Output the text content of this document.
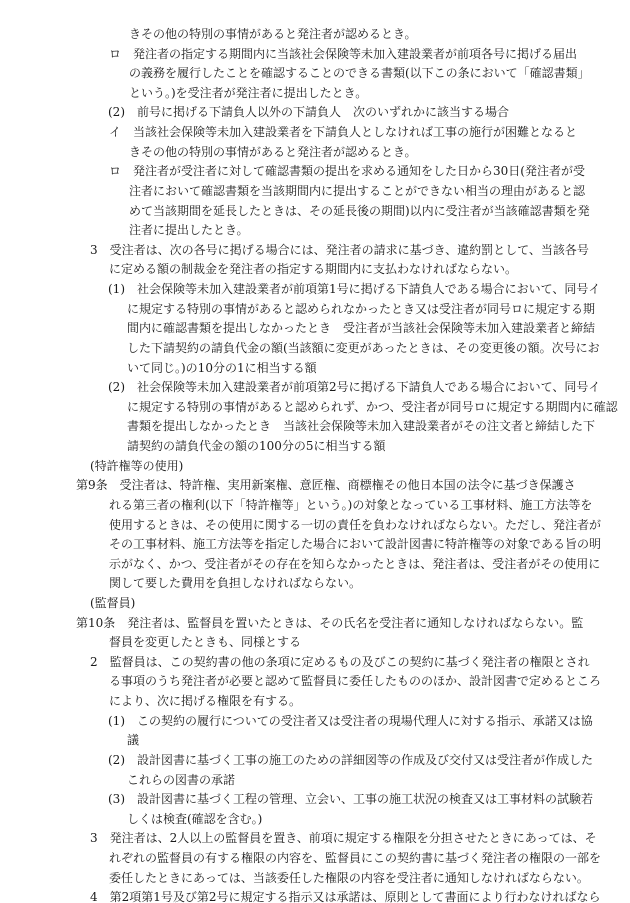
きその他の特別の事情があると発注者が認めるとき。
ロ　発注者の指定する期間内に当該社会保険等未加入建設業者が前項各号に掲げる届出
の義務を履行したことを確認することのできる書類(以下この条において「確認書類」
という。)を受注者が発注者に提出したとき。
(2)　前号に掲げる下請負人以外の下請負人　次のいずれかに該当する場合
イ　当該社会保険等未加入建設業者を下請負人としなければ工事の施行が困難となると
きその他の特別の事情があると発注者が認めるとき。
ロ　発注者が受注者に対して確認書類の提出を求める通知をした日から30日(発注者が受
注者において確認書類を当該期間内に提出することができない相当の理由があると認
めて当該期間を延長したときは、その延長後の期間)以内に受注者が当該確認書類を発
注者に提出したとき。
3　受注者は、次の各号に掲げる場合には、発注者の請求に基づき、違約罰として、当該各号
に定める額の制裁金を発注者の指定する期間内に支払わなければならない。
(1)　社会保険等未加入建設業者が前項第1号に掲げる下請負人である場合において、同号イ
に規定する特別の事情があると認められなかったとき又は受注者が同号ロに規定する期
間内に確認書類を提出しなかったとき　受注者が当該社会保険等未加入建設業者と締結
した下請契約の請負代金の額(当該額に変更があったときは、その変更後の額。次号にお
いて同じ。)の10分の1に相当する額
(2)　社会保険等未加入建設業者が前項第2号に掲げる下請負人である場合において、同号イ
に規定する特別の事情があると認められず、かつ、受注者が同号ロに規定する期間内に確認
書類を提出しなかったとき　当該社会保険等未加入建設業者がその注文者と締結した下
請契約の請負代金の額の100分の5に相当する額
(特許権等の使用)
第9条　受注者は、特許権、実用新案権、意匠権、商標権その他日本国の法令に基づき保護さ
れる第三者の権利(以下「特許権等」という。)の対象となっている工事材料、施工方法等を
使用するときは、その使用に関する一切の責任を負わなければならない。ただし、発注者が
その工事材料、施工方法等を指定した場合において設計図書に特許権等の対象である旨の明
示がなく、かつ、受注者がその存在を知らなかったときは、発注者は、受注者がその使用に
関して要した費用を負担しなければならない。
(監督員)
第10条　発注者は、監督員を置いたときは、その氏名を受注者に通知しなければならない。監
督員を変更したときも、同様とする
2　監督員は、この契約書の他の条項に定めるもの及びこの契約に基づく発注者の権限とされ
る事項のうち発注者が必要と認めて監督員に委任したもののほか、設計図書で定めるところ
により、次に掲げる権限を有する。
(1)　この契約の履行についての受注者又は受注者の現場代理人に対する指示、承諾又は協
議
(2)　設計図書に基づく工事の施工のための詳細図等の作成及び交付又は受注者が作成した
これらの図書の承諾
(3)　設計図書に基づく工程の管理、立会い、工事の施工状況の検査又は工事材料の試験若
しくは検査(確認を含む。)
3　発注者は、2人以上の監督員を置き、前項に規定する権限を分担させたときにあっては、そ
れぞれの監督員の有する権限の内容を、監督員にこの契約書に基づく発注者の権限の一部を
委任したときにあっては、当該委任した権限の内容を受注者に通知しなければならない。
4　第2項第1号及び第2号に規定する指示又は承諾は、原則として書面により行わなければなら
